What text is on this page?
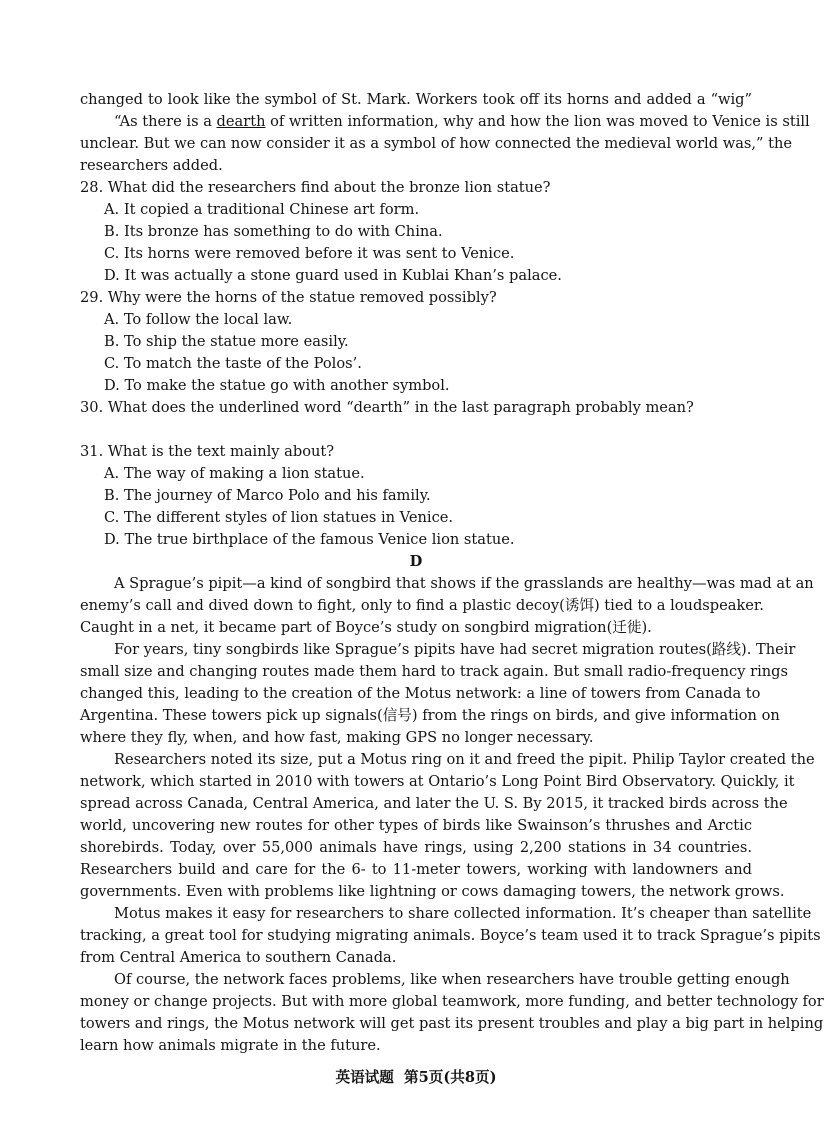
changed to look like the symbol of St. Mark. Workers took off its horns and added a “wig”
“As there is a dearth of written information, why and how the lion was moved to Venice is still
unclear. But we can now consider it as a symbol of how connected the medieval world was,” the
researchers added.
28. What did the researchers find about the bronze lion statue?
A. It copied a traditional Chinese art form.
B. Its bronze has something to do with China.
C. Its horns were removed before it was sent to Venice.
D. It was actually a stone guard used in Kublai Khan’s palace.
29. Why were the horns of the statue removed possibly?
A. To follow the local law.
B. To ship the statue more easily.
C. To match the taste of the Polos’.
D. To make the statue go with another symbol.
30. What does the underlined word “dearth” in the last paragraph probably mean?
31. What is the text mainly about?
A. The way of making a lion statue.
B. The journey of Marco Polo and his family.
C. The different styles of lion statues in Venice.
D. The true birthplace of the famous Venice lion statue.
D
A Sprague’s pipit—a kind of songbird that shows if the grasslands are healthy—was mad at an
enemy’s call and dived down to fight, only to find a plastic decoy(诱饵) tied to a loudspeaker.
Caught in a net, it became part of Boyce’s study on songbird migration(迁徙).
For years, tiny songbirds like Sprague’s pipits have had secret migration routes(路线). Their
small size and changing routes made them hard to track again. But small radio-frequency rings
changed this, leading to the creation of the Motus network: a line of towers from Canada to
Argentina. These towers pick up signals(信号) from the rings on birds, and give information on
where they fly, when, and how fast, making GPS no longer necessary.
Researchers noted its size, put a Motus ring on it and freed the pipit. Philip Taylor created the
network, which started in 2010 with towers at Ontario’s Long Point Bird Observatory. Quickly, it
spread across Canada, Central America, and later the U. S. By 2015, it tracked birds across the
world, uncovering new routes for other types of birds like Swainson’s thrushes and Arctic
shorebirds. Today, over 55,000 animals have rings, using 2,200 stations in 34 countries.
Researchers build and care for the 6- to 11-meter towers, working with landowners and
governments. Even with problems like lightning or cows damaging towers, the network grows.
Motus makes it easy for researchers to share collected information. It’s cheaper than satellite
tracking, a great tool for studying migrating animals. Boyce’s team used it to track Sprague’s pipits
from Central America to southern Canada.
Of course, the network faces problems, like when researchers have trouble getting enough
money or change projects. But with more global teamwork, more funding, and better technology for
towers and rings, the Motus network will get past its present troubles and play a big part in helping
learn how animals migrate in the future.
英语试题  第5页(共8页)
